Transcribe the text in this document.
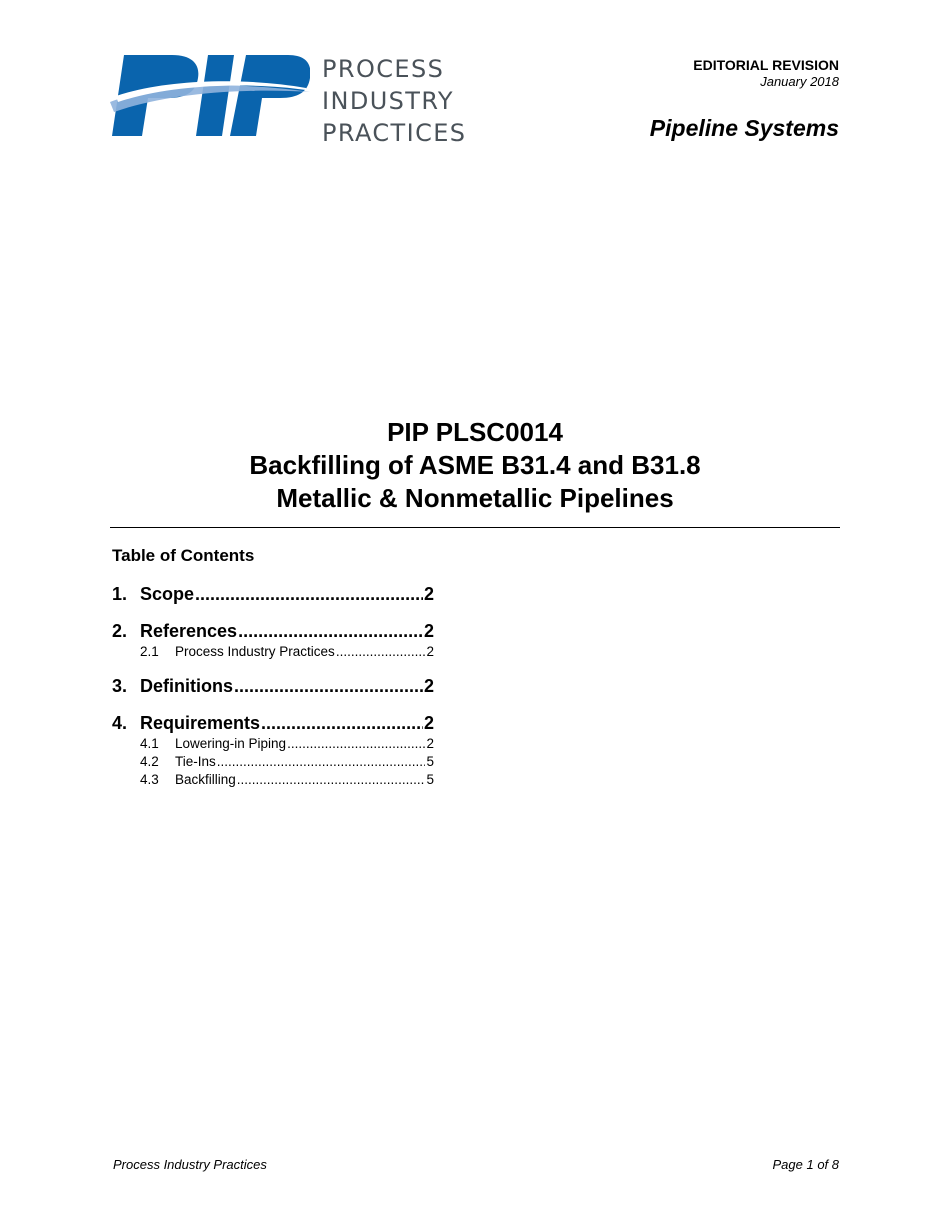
PROCESS
INDUSTRY
PRACTICES
EDITORIAL REVISION
January 2018
Pipeline Systems
PIP PLSC0014
Backfilling of ASME B31.4 and B31.8
Metallic & Nonmetallic Pipelines
Table of Contents
1. Scope .....	2
2. References .....	2
2.1	Process Industry Practices .....	2
3. Definitions .....	2
4. Requirements .....	2
4.1	Lowering-in Piping .....	2
4.2	Tie-Ins .....	5
4.3	Backfilling .....	5
Process Industry Practices	Page 1 of 8
